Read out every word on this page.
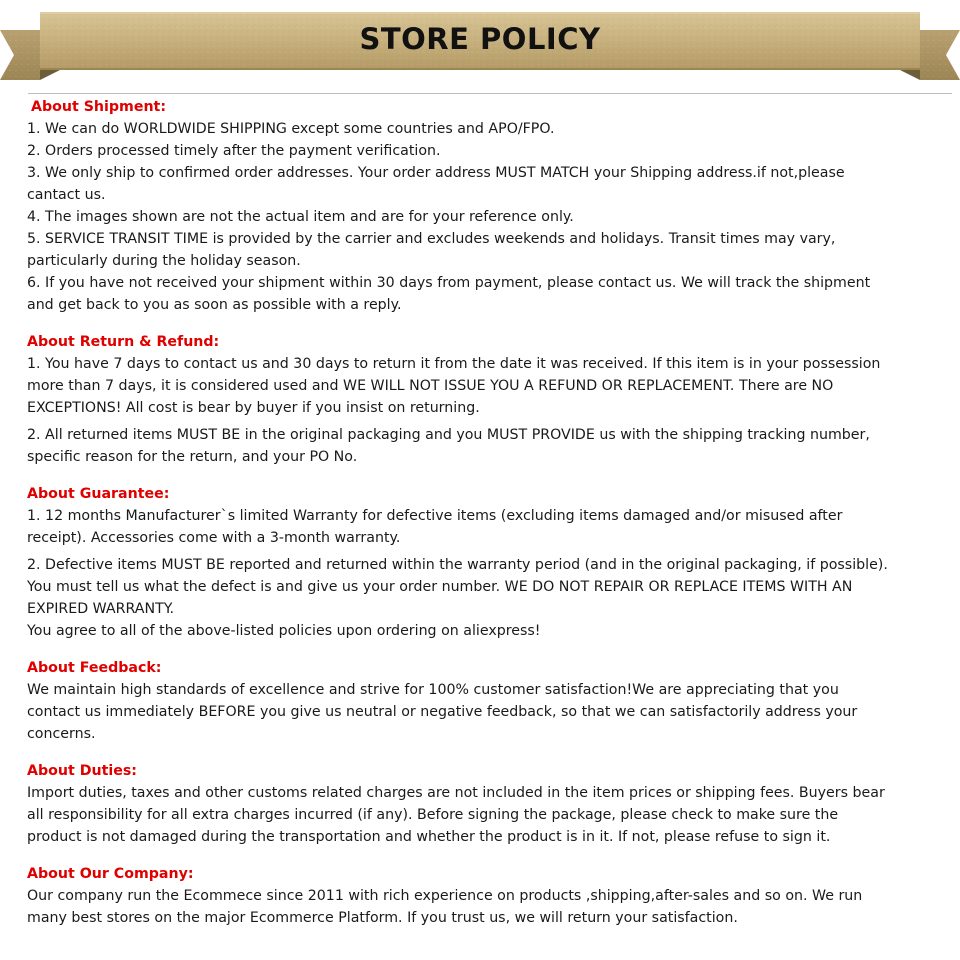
STORE POLICY
About Shipment:
1. We can do WORLDWIDE SHIPPING except some countries and APO/FPO.
2. Orders processed timely after the payment verification.
3. We only ship to confirmed order addresses. Your order address MUST MATCH your Shipping address.if not,please
cantact us.
4. The images shown are not the actual item and are for your reference only.
5. SERVICE TRANSIT TIME is provided by the carrier and excludes weekends and holidays. Transit times may vary,
particularly during the holiday season.
6. If you have not received your shipment within 30 days from payment, please contact us. We will track the shipment
and get back to you as soon as possible with a reply.
About Return & Refund:
1. You have 7 days to contact us and 30 days to return it from the date it was received. If this item is in your possession
more than 7 days, it is considered used and WE WILL NOT ISSUE YOU A REFUND OR REPLACEMENT. There are NO
EXCEPTIONS! All cost is bear by buyer if you insist on returning.
2. All returned items MUST BE in the original packaging and you MUST PROVIDE us with the shipping tracking number,
specific reason for the return, and your PO No.
About Guarantee:
1. 12 months Manufacturer`s limited Warranty for defective items (excluding items damaged and/or misused after
receipt). Accessories come with a 3-month warranty.
2. Defective items MUST BE reported and returned within the warranty period (and in the original packaging, if possible).
You must tell us what the defect is and give us your order number. WE DO NOT REPAIR OR REPLACE ITEMS WITH AN
EXPIRED WARRANTY.
You agree to all of the above-listed policies upon ordering on aliexpress!
About Feedback:
We maintain high standards of excellence and strive for 100% customer satisfaction!We are appreciating that you
contact us immediately BEFORE you give us neutral or negative feedback, so that we can satisfactorily address your
concerns.
About Duties:
Import duties, taxes and other customs related charges are not included in the item prices or shipping fees. Buyers bear
all responsibility for all extra charges incurred (if any). Before signing the package, please check to make sure the
product is not damaged during the transportation and whether the product is in it. If not, please refuse to sign it.
About Our Company:
Our company run the Ecommece since 2011 with rich experience on products ,shipping,after-sales and so on. We run
many best stores on the major Ecommerce Platform. If you trust us, we will return your satisfaction.
